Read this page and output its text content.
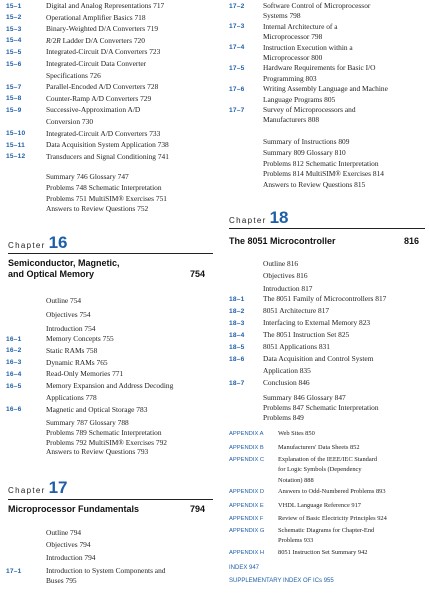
15–1	Digital and Analog Representations 717
15–2	Operational Amplifier Basics 718
15–3	Binary-Weighted D/A Converters 719
15–4	R/2R Ladder D/A Converters 720
15–5	Integrated-Circuit D/A Converters 723
15–6	Integrated-Circuit Data Converter
Specifications 726
15–7	Parallel-Encoded A/D Converters 728
15–8	Counter-Ramp A/D Converters 729
15–9	Successive-Approximation A/D
Conversion 730
15–10	Integrated-Circuit A/D Converters 733
15–11	Data Acquisition System Application 738
15–12	Transducers and Signal Conditioning 741
Summary 746 Glossary 747
Problems 748 Schematic Interpretation
Problems 751 MultiSIM® Exercises 751
Answers to Review Questions 752
Chapter 16
Semiconductor, Magnetic,
and Optical Memory	754
Outline 754
Objectives 754
Introduction 754
16–1	Memory Concepts 755
16–2	Static RAMs 758
16–3	Dynamic RAMs 765
16–4	Read-Only Memories 771
16–5	Memory Expansion and Address Decoding
Applications 778
16–6	Magnetic and Optical Storage 783
Summary 787 Glossary 788
Problems 789 Schematic Interpretation
Problems 792 MultiSIM® Exercises 792
Answers to Review Questions 793
Chapter 17
Microprocessor Fundamentals	794
Outline 794
Objectives 794
Introduction 794
17–1	Introduction to System Components and
Buses 795
17–2	Software Control of Microprocessor
Systems 798
17–3	Internal Architecture of a
Microprocessor 798
17–4	Instruction Execution within a
Microprocessor 800
17–5	Hardware Requirements for Basic I/O
Programming 803
17–6	Writing Assembly Language and Machine
Language Programs 805
17–7	Survey of Microprocessors and
Manufacturers 808
Summary of Instructions 809
Summary 809 Glossary 810
Problems 812 Schematic Interpretation
Problems 814 MultiSIM® Exercises 814
Answers to Review Questions 815
Chapter 18
The 8051 Microcontroller	816
Outline 816
Objectives 816
Introduction 817
18–1	The 8051 Family of Microcontrollers 817
18–2	8051 Architecture 817
18–3	Interfacing to External Memory 823
18–4	The 8051 Instruction Set 825
18–5	8051 Applications 831
18–6	Data Acquisition and Control System
Application 835
18–7	Conclusion 846
Summary 846 Glossary 847
Problems 847 Schematic Interpretation
Problems 849
APPENDIX A Web Sites 850
APPENDIX B Manufacturers' Data Sheets 852
APPENDIX C Explanation of the IEEE/IEC Standard
for Logic Symbols (Dependency
Notation) 888
APPENDIX D Answers to Odd-Numbered Problems 893
APPENDIX E VHDL Language Reference 917
APPENDIX F Review of Basic Electricity Principles 924
APPENDIX G Schematic Diagrams for Chapter-End
Problems 933
APPENDIX H 8051 Instruction Set Summary 942
INDEX 947
SUPPLEMENTARY INDEX OF ICs 955
